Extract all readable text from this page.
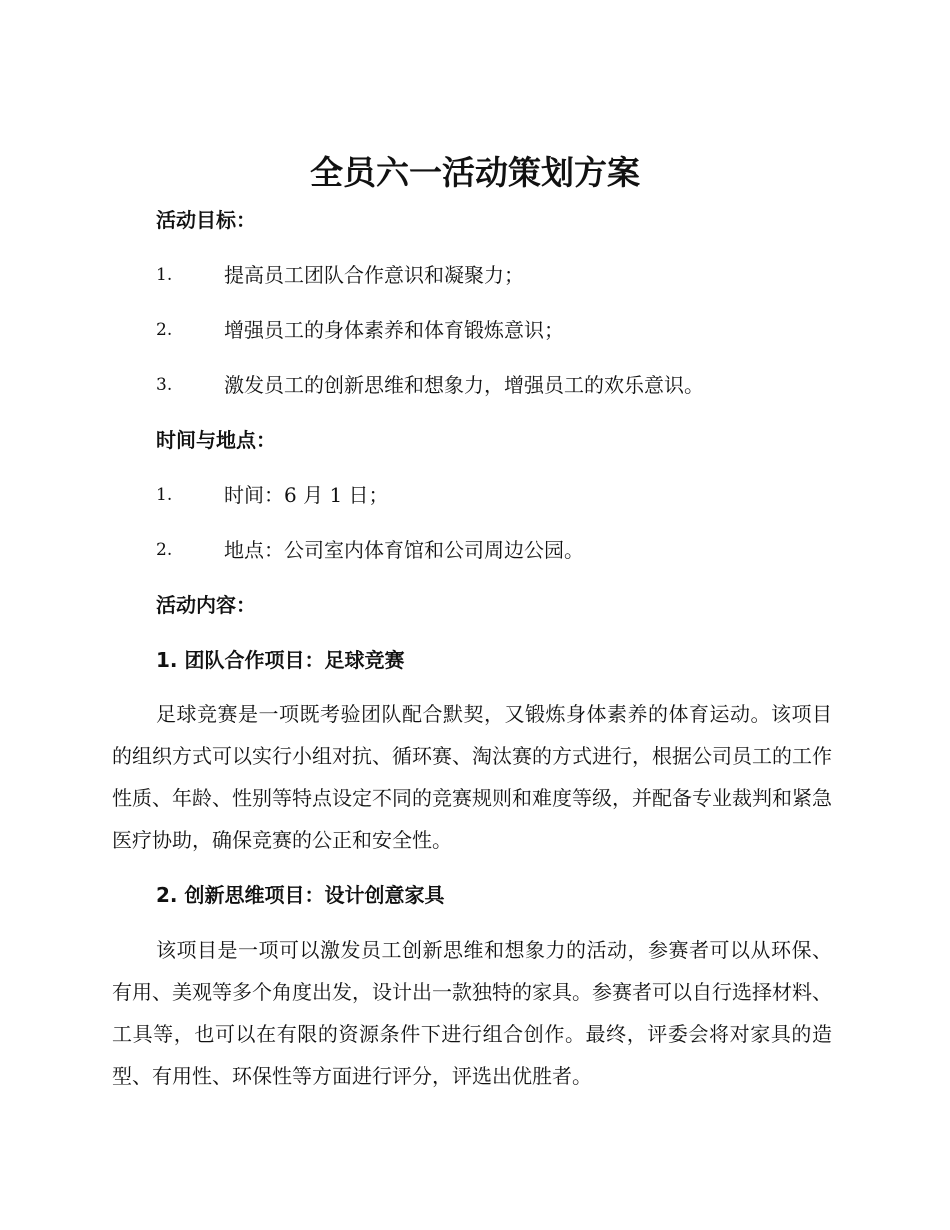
全员六一活动策划方案
活动目标：
1.	提高员工团队合作意识和凝聚力；
2.	增强员工的身体素养和体育锻炼意识；
3.	激发员工的创新思维和想象力，增强员工的欢乐意识。
时间与地点：
1.	时间：6 月 1 日；
2.	地点：公司室内体育馆和公司周边公园。
活动内容：
1. 团队合作项目：足球竞赛

足球竞赛是一项既考验团队配合默契，又锻炼身体素养的体育运动。该项目的组织方式可以实行小组对抗、循环赛、淘汰赛的方式进行，根据公司员工的工作性质、年龄、性别等特点设定不同的竞赛规则和难度等级，并配备专业裁判和紧急医疗协助，确保竞赛的公正和安全性。

2. 创新思维项目：设计创意家具

该项目是一项可以激发员工创新思维和想象力的活动，参赛者可以从环保、有用、美观等多个角度出发，设计出一款独特的家具。参赛者可以自行选择材料、工具等，也可以在有限的资源条件下进行组合创作。最终，评委会将对家具的造型、有用性、环保性等方面进行评分，评选出优胜者。
